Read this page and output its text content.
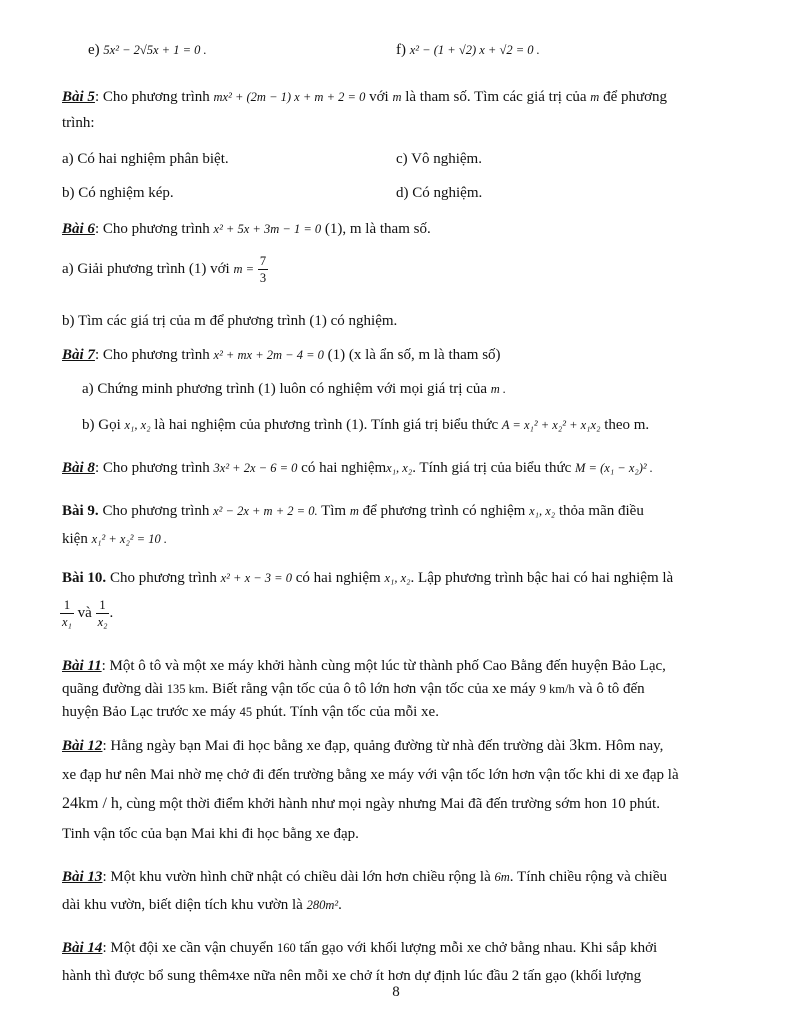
e) 5x² − 2√5x + 1 = 0 .	f) x² − (1 + √2) x + √2 = 0 .
Bài 5: Cho phương trình mx² + (2m − 1) x + m + 2 = 0 với m là tham số. Tìm các giá trị của m để phương
trình:
a) Có hai nghiệm phân biệt.	c) Vô nghiệm.
b) Có nghiệm kép.	d) Có nghiệm.
Bài 6: Cho phương trình x² + 5x + 3m − 1 = 0 (1), m là tham số.
a) Giải phương trình (1) với $m = \frac{7}{3}$
b) Tìm các giá trị của m để phương trình (1) có nghiệm.
Bài 7: Cho phương trình x² + mx + 2m − 4 = 0 (1) (x là ẩn số, m là tham số)
a) Chứng minh phương trình (1) luôn có nghiệm với mọi giá trị của m .
b) Gọi x₁, x₂ là hai nghiệm của phương trình (1). Tính giá trị biểu thức A = x₁² + x₂² + x₁x₂ theo m.
Bài 8: Cho phương trình 3x² + 2x − 6 = 0 có hai nghiệmx₁, x₂. Tính giá trị của biểu thức M = (x₁ − x₂)² .
Bài 9. Cho phương trình x² − 2x + m + 2 = 0. Tìm m để phương trình có nghiệm x₁, x₂ thỏa mãn điều
kiện x₁² + x₂² = 10 .
Bài 10. Cho phương trình x² + x − 3 = 0 có hai nghiệm x₁, x₂. Lập phương trình bậc hai có hai nghiệm là
$\frac{1}{\text{x₁}}$ và $\frac{1}{\text{x₂}}$ .
Bài 11: Một ô tô và một xe máy khởi hành cùng một lúc từ thành phố Cao Bằng đến huyện Bảo Lạc,
quãng đường dài 135 km. Biết rằng vận tốc của ô tô lớn hơn vận tốc của xe máy 9 km/h và ô tô đến
huyện Bảo Lạc trước xe máy 45 phút. Tính vận tốc của mỗi xe.
Bài 12: Hằng ngày bạn Mai đi học bằng xe đạp, quảng đường từ nhà đến trường dài 3km. Hôm nay,
xe đạp hư nên Mai nhờ mẹ chở đi đến trường bằng xe máy với vận tốc lớn hơn vận tốc khi di xe đạp là
24km / h, cùng một thời điểm khởi hành như mọi ngày nhưng Mai đã đến trường sớm hon 10 phút.
Tinh vận tốc của bạn Mai khi đi học bằng xe đạp.
Bài 13: Một khu vườn hình chữ nhật có chiều dài lớn hơn chiều rộng là 6m. Tính chiều rộng và chiều
dài khu vườn, biết diện tích khu vườn là 280m².
Bài 14: Một đội xe cần vận chuyển 160 tấn gạo với khối lượng mỗi xe chở bằng nhau. Khi sắp khởi
hành thì được bổ sung thêm4xe nữa nên mỗi xe chở ít hơn dự định lúc đầu 2 tấn gạo (khối lượng
8
